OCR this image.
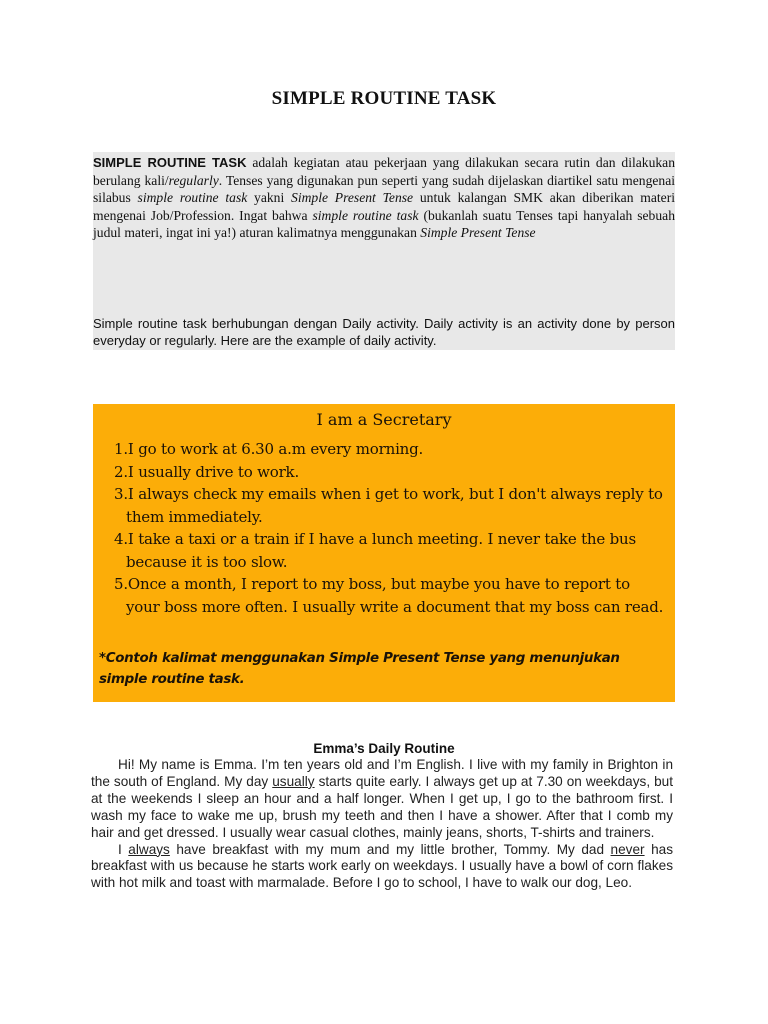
SIMPLE ROUTINE TASK

SIMPLE ROUTINE TASK adalah kegiatan atau pekerjaan yang dilakukan secara rutin dan dilakukan berulang kali/regularly. Tenses yang digunakan pun seperti yang sudah dijelaskan diartikel satu mengenai silabus simple routine task yakni Simple Present Tense untuk kalangan SMK akan diberikan materi mengenai Job/Profession. Ingat bahwa simple routine task (bukanlah suatu Tenses tapi hanyalah sebuah judul materi, ingat ini ya!) aturan kalimatnya menggunakan Simple Present Tense

Simple routine task berhubungan dengan Daily activity. Daily activity is an activity done by person everyday or regularly. Here are the example of daily activity.

I am a Secretary
1.I go to work at 6.30 a.m every morning.
2.I usually drive to work.
3.I always check my emails when i get to work, but I don't always reply to them immediately.
4.I take a taxi or a train if I have a lunch meeting. I never take the bus because it is too slow.
5.Once a month, I report to my boss, but maybe you have to report to your boss more often. I usually write a document that my boss can read.
*Contoh kalimat menggunakan Simple Present Tense yang menunjukan simple routine task.
Emma’s Daily Routine

Hi! My name is Emma. I’m ten years old and I’m English. I live with my family in Brighton in the south of England. My day usually starts quite early. I always get up at 7.30 on weekdays, but at the weekends I sleep an hour and a half longer. When I get up, I go to the bathroom first. I wash my face to wake me up, brush my teeth and then I have a shower. After that I comb my hair and get dressed. I usually wear casual clothes, mainly jeans, shorts, T-shirts and trainers.

I always have breakfast with my mum and my little brother, Tommy. My dad never has breakfast with us because he starts work early on weekdays. I usually have a bowl of corn flakes with hot milk and toast with marmalade. Before I go to school, I have to walk our dog, Leo.
